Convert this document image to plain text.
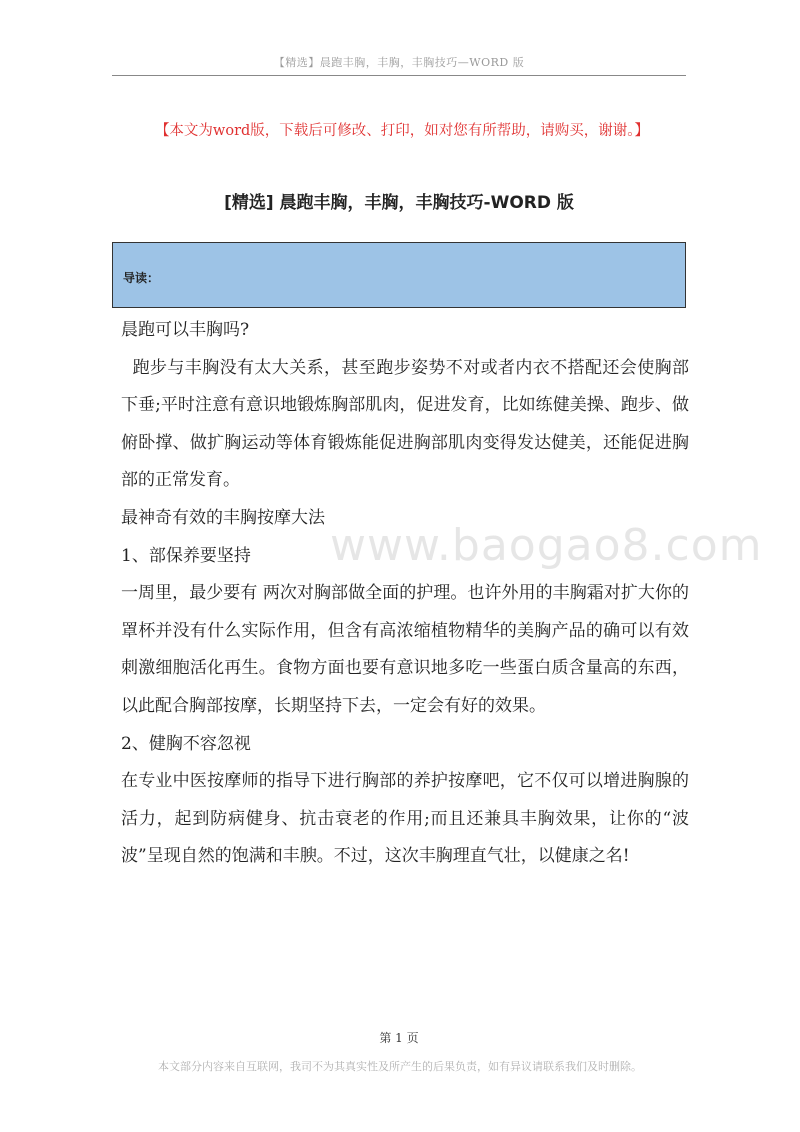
【精选】晨跑丰胸，丰胸，丰胸技巧—WORD 版
【本文为word版，下载后可修改、打印，如对您有所帮助，请购买，谢谢。】
[精选] 晨跑丰胸，丰胸，丰胸技巧-WORD 版
导读：
www.baogao8.com

晨跑可以丰胸吗?

跑步与丰胸没有太大关系，甚至跑步姿势不对或者内衣不搭配还会使胸部下垂;平时注意有意识地锻炼胸部肌肉，促进发育，比如练健美操、跑步、做俯卧撑、做扩胸运动等体育锻炼能促进胸部肌肉变得发达健美，还能促进胸部的正常发育。

最神奇有效的丰胸按摩大法

1、部保养要坚持

一周里，最少要有 两次对胸部做全面的护理。也许外用的丰胸霜对扩大你的罩杯并没有什么实际作用，但含有高浓缩植物精华的美胸产品的确可以有效刺激细胞活化再生。食物方面也要有意识地多吃一些蛋白质含量高的东西，以此配合胸部按摩，长期坚持下去，一定会有好的效果。

2、健胸不容忽视

在专业中医按摩师的指导下进行胸部的养护按摩吧，它不仅可以增进胸腺的活力，起到防病健身、抗击衰老的作用;而且还兼具丰胸效果，让你的“波波”呈现自然的饱满和丰腴。不过，这次丰胸理直气壮，以健康之名!

第 1 页
本文部分内容来自互联网，我司不为其真实性及所产生的后果负责，如有异议请联系我们及时删除。
